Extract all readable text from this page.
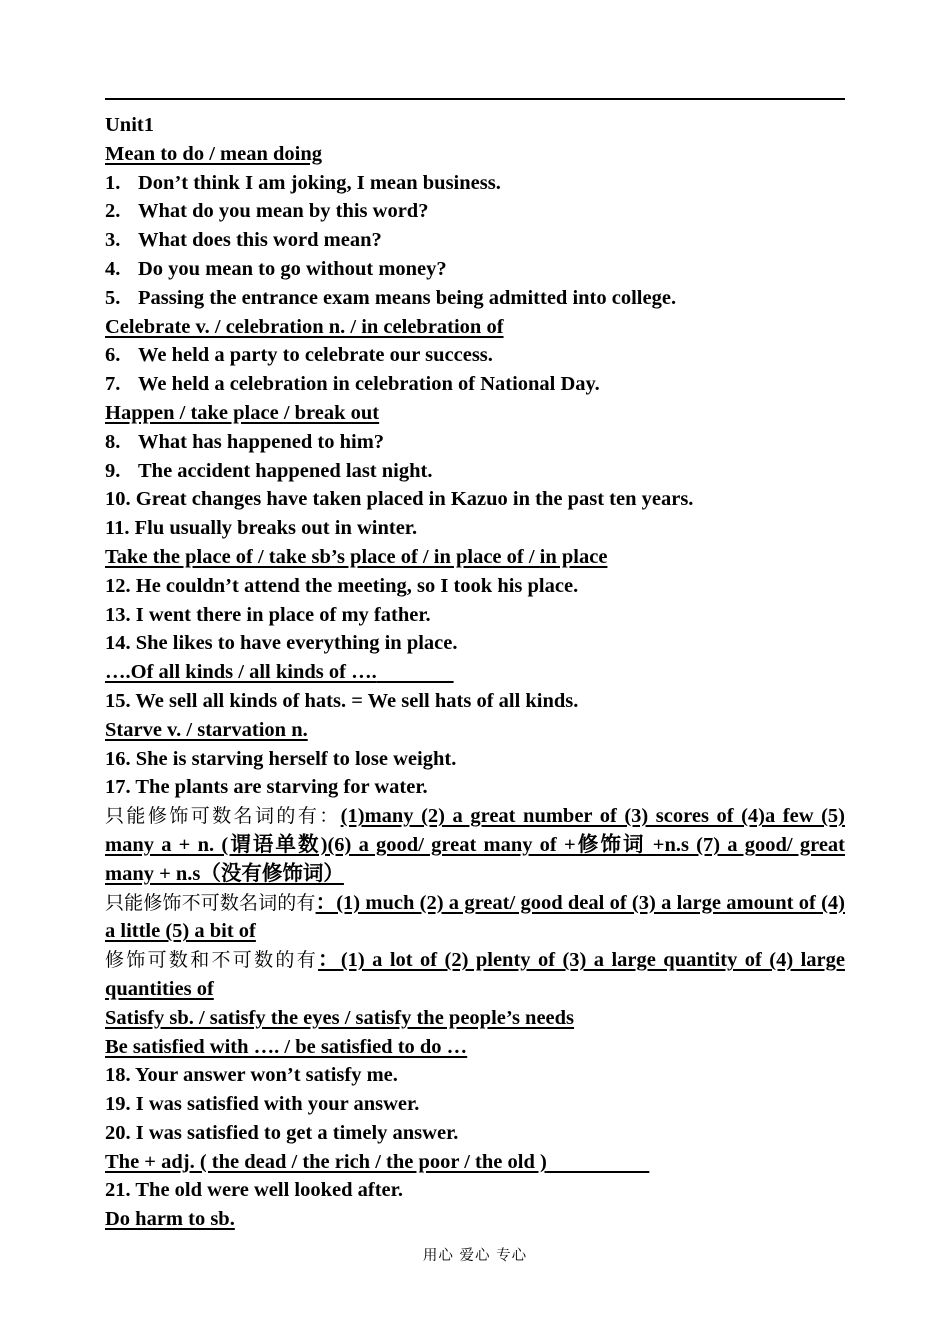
Unit1
Mean to do / mean doing
1. Don’t think I am joking, I mean business.
2. What do you mean by this word?
3. What does this word mean?
4. Do you mean to go without money?
5. Passing the entrance exam means being admitted into college.
Celebrate v. / celebration n. / in celebration of
6. We held a party to celebrate our success.
7. We held a celebration in celebration of National Day.
Happen / take place / break out
8. What has happened to him?
9. The accident happened last night.
10. Great changes have taken placed in Kazuo in the past ten years.
11. Flu usually breaks out in winter.
Take the place of / take sb’s place of / in place of / in place
12. He couldn’t attend the meeting, so I took his place.
13. I went there in place of my father.
14. She likes to have everything in place.
….Of all kinds / all kinds of ….
15. We sell all kinds of hats. = We sell hats of all kinds.
Starve v. / starvation n.
16. She is starving herself to lose weight.
17. The plants are starving for water.
只能修饰可数名词的有：(1)many (2) a great number of (3) scores of (4)a few (5) many a + n. (谓语单数)(6) a good/ great many of +修饰词 +n.s (7) a good/ great many + n.s（没有修饰词）
只能修饰不可数名词的有：(1) much (2) a great/ good deal of (3) a large amount of (4) a little (5) a bit of
修饰可数和不可数的有：(1) a lot of (2) plenty of (3) a large quantity of (4) large quantities of
Satisfy sb. / satisfy the eyes / satisfy the people’s needs
Be satisfied with …. / be satisfied to do …
18. Your answer won’t satisfy me.
19. I was satisfied with your answer.
20. I was satisfied to get a timely answer.
The + adj. ( the dead / the rich / the poor / the old )
21. The old were well looked after.
Do harm to sb.
用心 爱心 专心
